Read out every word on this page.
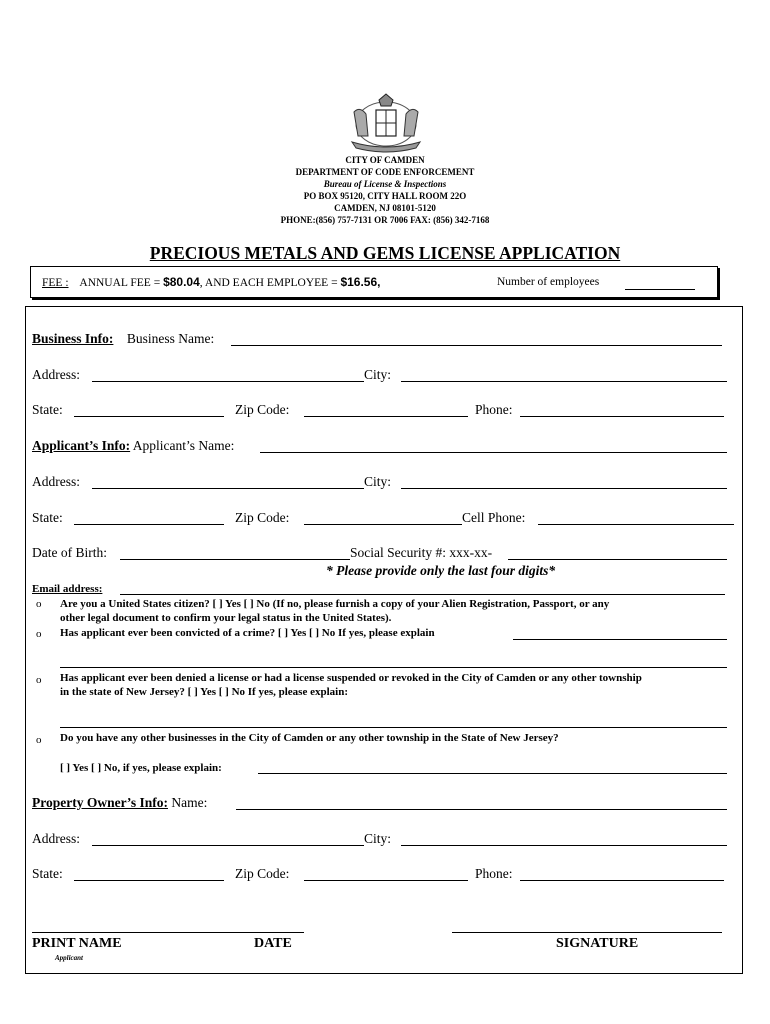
CITY OF CAMDEN
DEPARTMENT OF CODE ENFORCEMENT
Bureau of License & Inspections
PO BOX 95120, CITY HALL ROOM 22O
CAMDEN, NJ 08101-5120
PHONE:(856) 757-7131 OR 7006 FAX: (856) 342-7168
PRECIOUS METALS AND GEMS LICENSE APPLICATION
FEE : ANNUAL FEE = $80.04, AND EACH EMPLOYEE = $16.56,	Number of employees
Business Info: Business Name:
Address:	City:
State:	Zip Code:	Phone:
Applicant’s Info: Applicant’s Name:
Address:	City:
State:	Zip Code:	Cell Phone:
Date of Birth:	Social Security #: xxx-xx-
* Please provide only the last four digits*
Email address:
o Are you a United States citizen? [ ] Yes [ ] No (If no, please furnish a copy of your Alien Registration, Passport, or any
other legal document to confirm your legal status in the United States).
o Has applicant ever been convicted of a crime? [ ] Yes [ ] No If yes, please explain
o Has applicant ever been denied a license or had a license suspended or revoked in the City of Camden or any other township
in the state of New Jersey? [ ] Yes [ ] No If yes, please explain:
o Do you have any other businesses in the City of Camden or any other township in the State of New Jersey?
[ ] Yes [ ] No, if yes, please explain:
Property Owner’s Info: Name:
Address:	City:
State:	Zip Code:	Phone:
PRINT NAME	DATE	SIGNATURE
Applicant
